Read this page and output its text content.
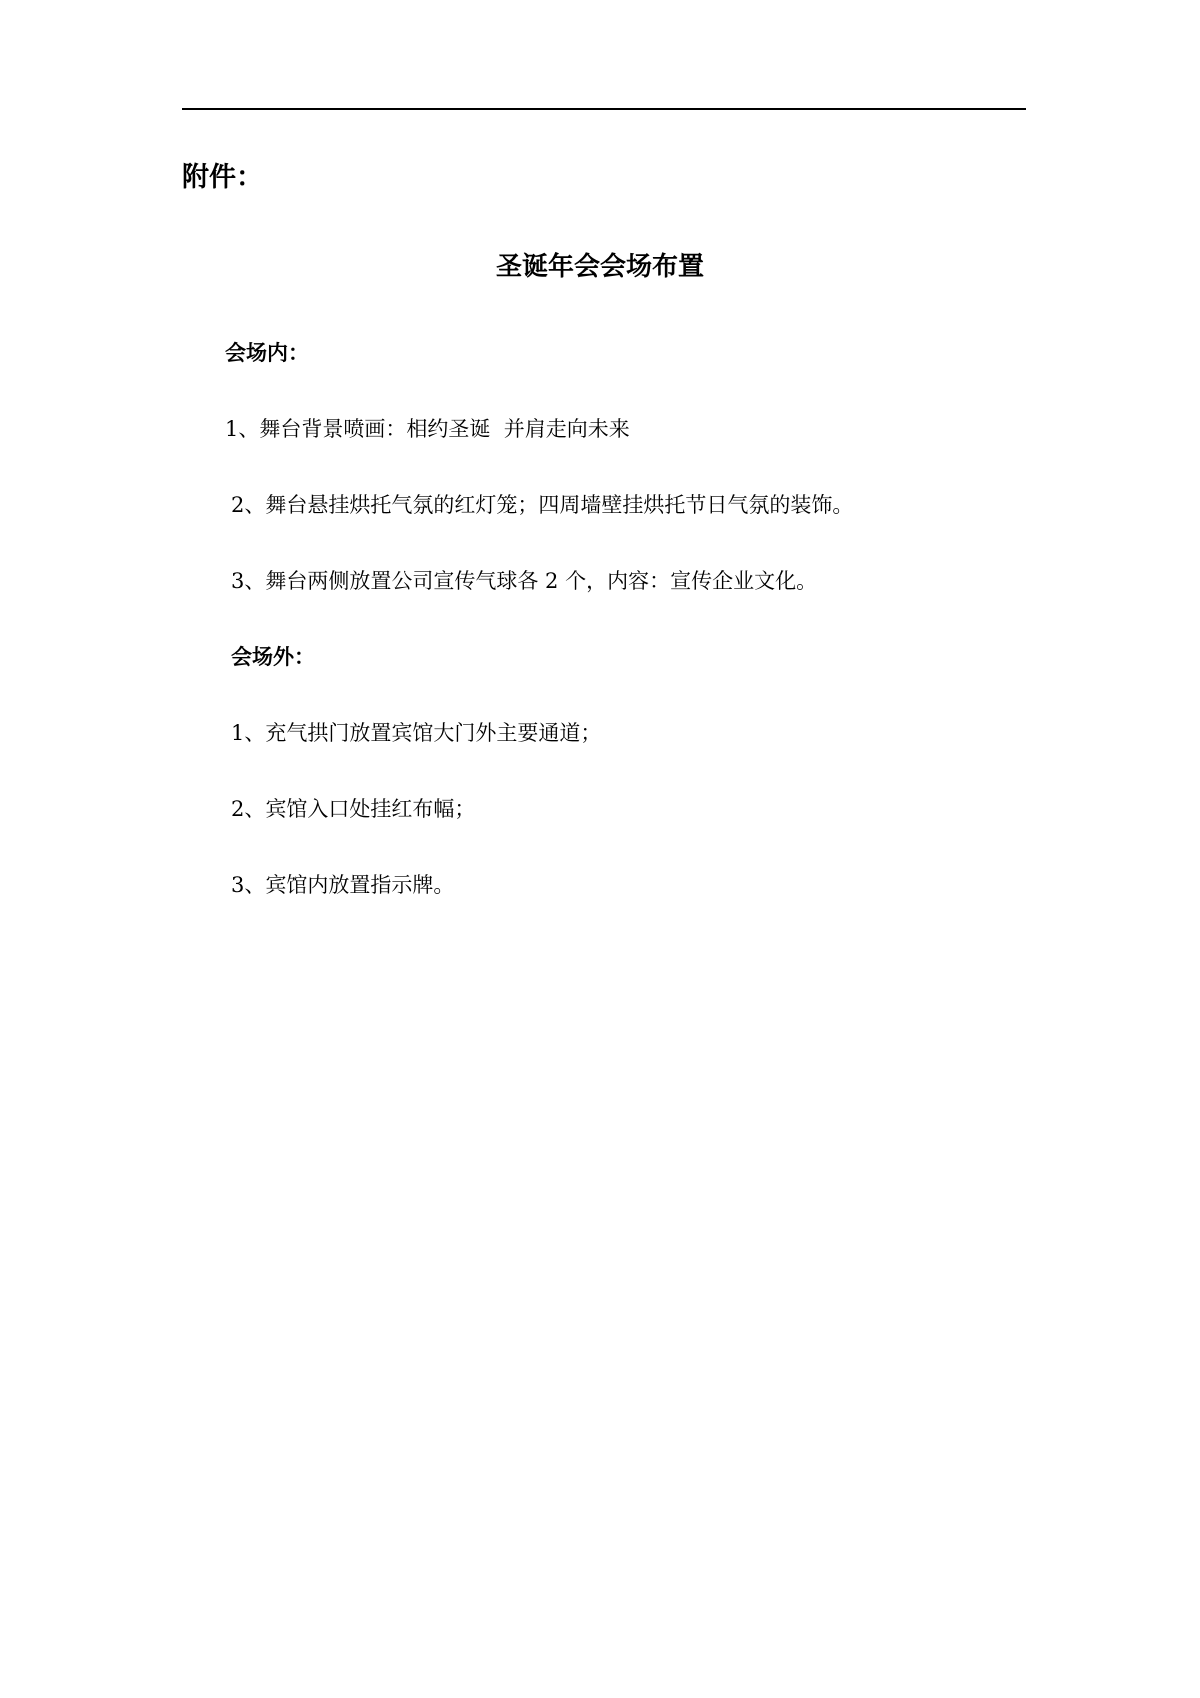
附件：
圣诞年会会场布置
会场内：
1、舞台背景喷画：相约圣诞  并肩走向未来
2、舞台悬挂烘托气氛的红灯笼；四周墙壁挂烘托节日气氛的装饰。
3、舞台两侧放置公司宣传气球各 2 个，内容：宣传企业文化。
会场外：
1、充气拱门放置宾馆大门外主要通道；
2、宾馆入口处挂红布幅；
3、宾馆内放置指示牌。
